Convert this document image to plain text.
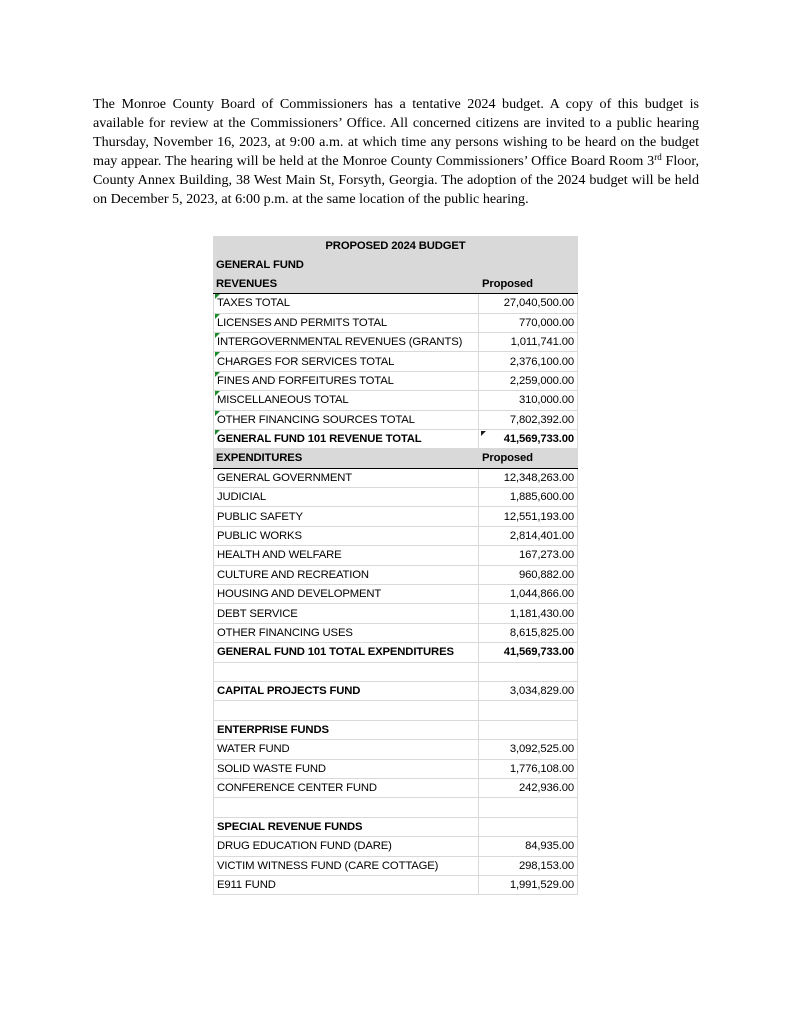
The Monroe County Board of Commissioners has a tentative 2024 budget. A copy of this budget is available for review at the Commissioners’ Office. All concerned citizens are invited to a public hearing Thursday, November 16, 2023, at 9:00 a.m. at which time any persons wishing to be heard on the budget may appear. The hearing will be held at the Monroe County Commissioners’ Office Board Room 3rd Floor, County Annex Building, 38 West Main St, Forsyth, Georgia. The adoption of the 2024 budget will be held on December 5, 2023, at 6:00 p.m. at the same location of the public hearing.
PROPOSED 2024 BUDGET
GENERAL FUND
REVENUES	Proposed
TAXES TOTAL	27,040,500.00
LICENSES AND PERMITS TOTAL	770,000.00
INTERGOVERNMENTAL REVENUES (GRANTS)	1,011,741.00
CHARGES FOR SERVICES TOTAL	2,376,100.00
FINES AND FORFEITURES TOTAL	2,259,000.00
MISCELLANEOUS TOTAL	310,000.00
OTHER FINANCING SOURCES TOTAL	7,802,392.00
GENERAL FUND 101 REVENUE TOTAL	41,569,733.00
EXPENDITURES	Proposed
GENERAL GOVERNMENT	12,348,263.00
JUDICIAL	1,885,600.00
PUBLIC SAFETY	12,551,193.00
PUBLIC WORKS	2,814,401.00
HEALTH AND WELFARE	167,273.00
CULTURE AND RECREATION	960,882.00
HOUSING AND DEVELOPMENT	1,044,866.00
DEBT SERVICE	1,181,430.00
OTHER FINANCING USES	8,615,825.00
GENERAL FUND 101 TOTAL EXPENDITURES	41,569,733.00
CAPITAL PROJECTS FUND	3,034,829.00
ENTERPRISE FUNDS
WATER FUND	3,092,525.00
SOLID WASTE FUND	1,776,108.00
CONFERENCE CENTER FUND	242,936.00
SPECIAL REVENUE FUNDS
DRUG EDUCATION FUND (DARE)	84,935.00
VICTIM WITNESS FUND (CARE COTTAGE)	298,153.00
E911 FUND	1,991,529.00
